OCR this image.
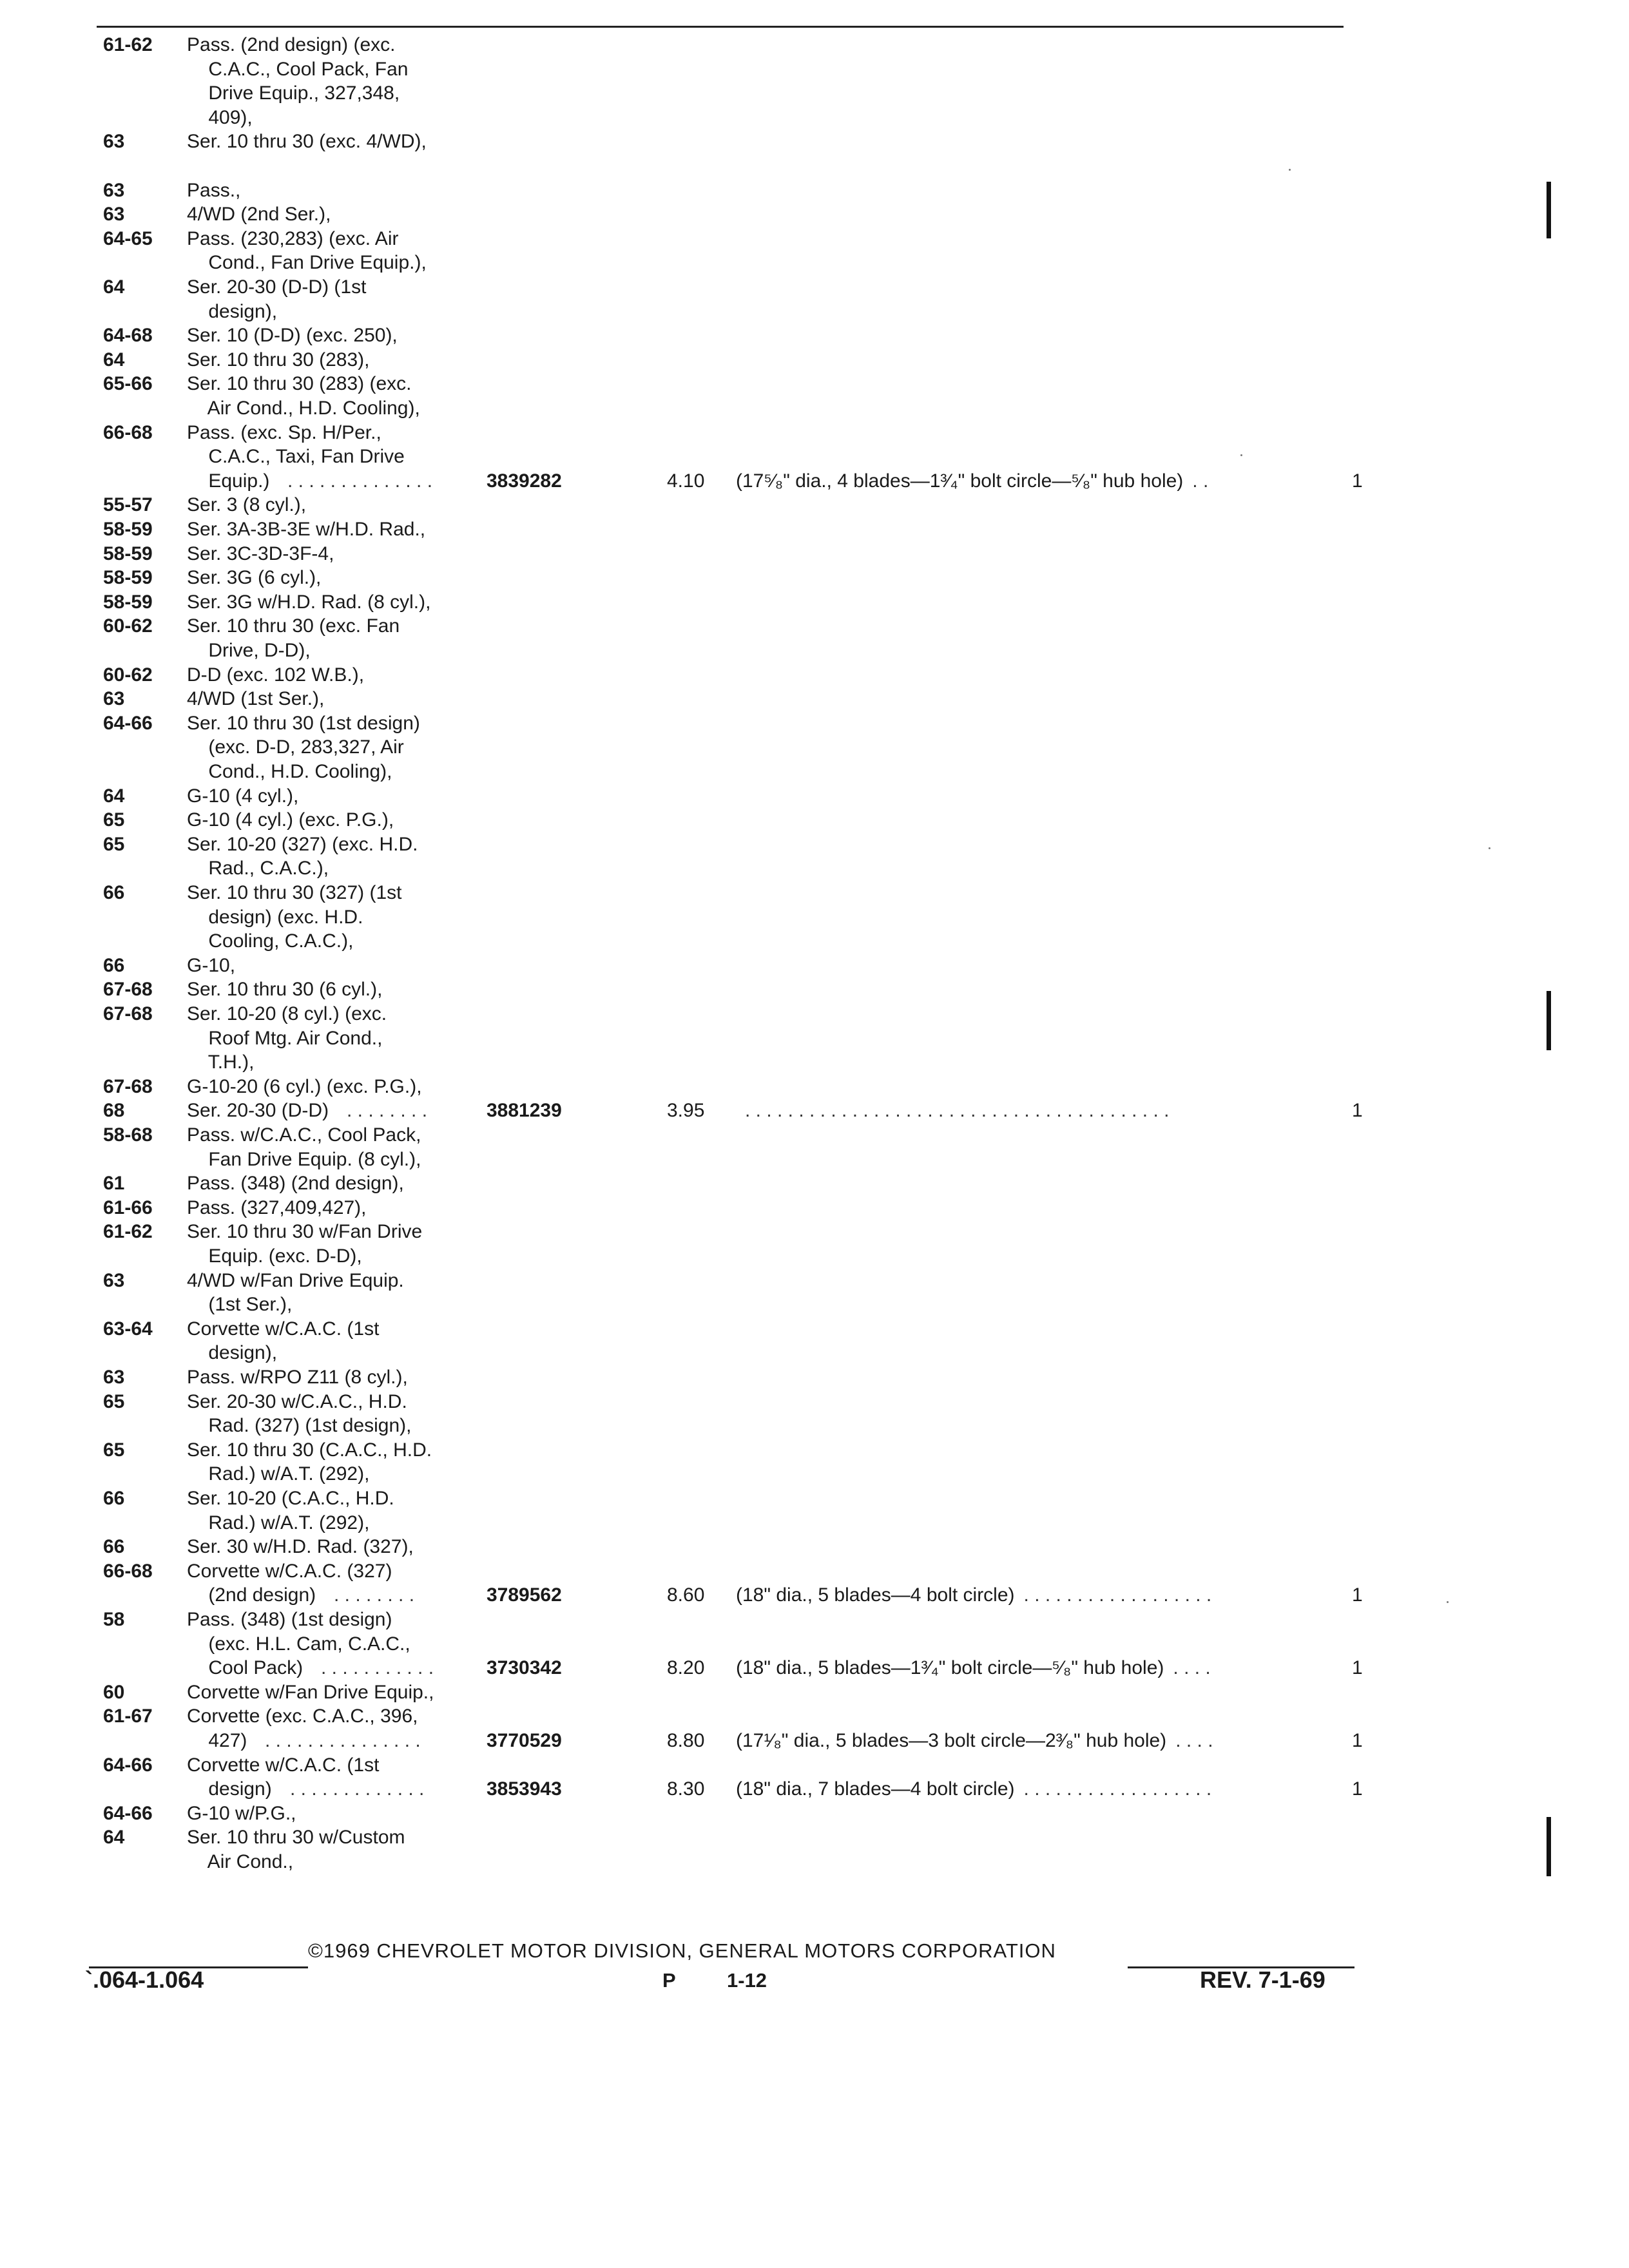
61-62 Pass. (2nd design) (exc.
C.A.C., Cool Pack, Fan
Drive Equip., 327,348,
409),
63	Ser. 10 thru 30 (exc. 4/WD),
63	Pass.,
63	4/WD (2nd Ser.),
64-65 Pass. (230,283) (exc. Air
Cond., Fan Drive Equip.),
64	Ser. 20-30 (D-D) (1st
design),
64-68 Ser. 10 (D-D) (exc. 250),
64	Ser. 10 thru 30 (283),
65-66 Ser. 10 thru 30 (283) (exc.
Air Cond., H.D. Cooling),
66-68 Pass. (exc. Sp. H/Per.,
C.A.C., Taxi, Fan Drive
Equip.) . . . . . . . . . . . . . .	3839282	4.10 (17⁵⁄₈" dia., 4 blades—1³⁄₄" bolt circle—⁵⁄₈" hub hole) . .	1
55-57 Ser. 3 (8 cyl.),
58-59 Ser. 3A-3B-3E w/H.D. Rad.,
58-59 Ser. 3C-3D-3F-4,
58-59 Ser. 3G (6 cyl.),
58-59 Ser. 3G w/H.D. Rad. (8 cyl.),
60-62 Ser. 10 thru 30 (exc. Fan
Drive, D-D),
60-62 D-D (exc. 102 W.B.),
63	4/WD (1st Ser.),
64-66 Ser. 10 thru 30 (1st design)
(exc. D-D, 283,327, Air
Cond., H.D. Cooling),
64	G-10 (4 cyl.),
65	G-10 (4 cyl.) (exc. P.G.),
65	Ser. 10-20 (327) (exc. H.D.
Rad., C.A.C.),
66	Ser. 10 thru 30 (327) (1st
design) (exc. H.D.
Cooling, C.A.C.),
66	G-10,
67-68 Ser. 10 thru 30 (6 cyl.),
67-68 Ser. 10-20 (8 cyl.) (exc.
Roof Mtg. Air Cond.,
T.H.),
67-68 G-10-20 (6 cyl.) (exc. P.G.),
68	Ser. 20-30 (D-D) . . . . . . . .	3881239	3.95	. . . . . . . . . . . . . . . . . . . . . . . . . . . . . . . . . . . . . . . .	1
58-68 Pass. w/C.A.C., Cool Pack,
Fan Drive Equip. (8 cyl.),
61	Pass. (348) (2nd design),
61-66 Pass. (327,409,427),
61-62 Ser. 10 thru 30 w/Fan Drive
Equip. (exc. D-D),
63	4/WD w/Fan Drive Equip.
(1st Ser.),
63-64 Corvette w/C.A.C. (1st
design),
63	Pass. w/RPO Z11 (8 cyl.),
65	Ser. 20-30 w/C.A.C., H.D.
Rad. (327) (1st design),
65	Ser. 10 thru 30 (C.A.C., H.D.
Rad.) w/A.T. (292),
66	Ser. 10-20 (C.A.C., H.D.
Rad.) w/A.T. (292),
66	Ser. 30 w/H.D. Rad. (327),
66-68 Corvette w/C.A.C. (327)
(2nd design) . . . . . . . .	3789562	8.60 (18" dia., 5 blades—4 bolt circle) . . . . . . . . . . . . . . . . . .	1
58	Pass. (348) (1st design)
(exc. H.L. Cam, C.A.C.,
Cool Pack) . . . . . . . . . . .	3730342	8.20 (18" dia., 5 blades—1³⁄₄" bolt circle—⁵⁄₈" hub hole) . . . .	1
60	Corvette w/Fan Drive Equip.,
61-67 Corvette (exc. C.A.C., 396,
427) . . . . . . . . . . . . . . .	3770529	8.80 (17¹⁄₈" dia., 5 blades—3 bolt circle—2³⁄₈" hub hole) . . . .	1
64-66 Corvette w/C.A.C. (1st
design) . . . . . . . . . . . . .	3853943	8.30 (18" dia., 7 blades—4 bolt circle) . . . . . . . . . . . . . . . . . .	1
64-66 G-10 w/P.G.,
64	Ser. 10 thru 30 w/Custom
Air Cond.,
©1969 CHEVROLET MOTOR DIVISION, GENERAL MOTORS CORPORATION
`.064-1.064	P	1-12	REV. 7-1-69
